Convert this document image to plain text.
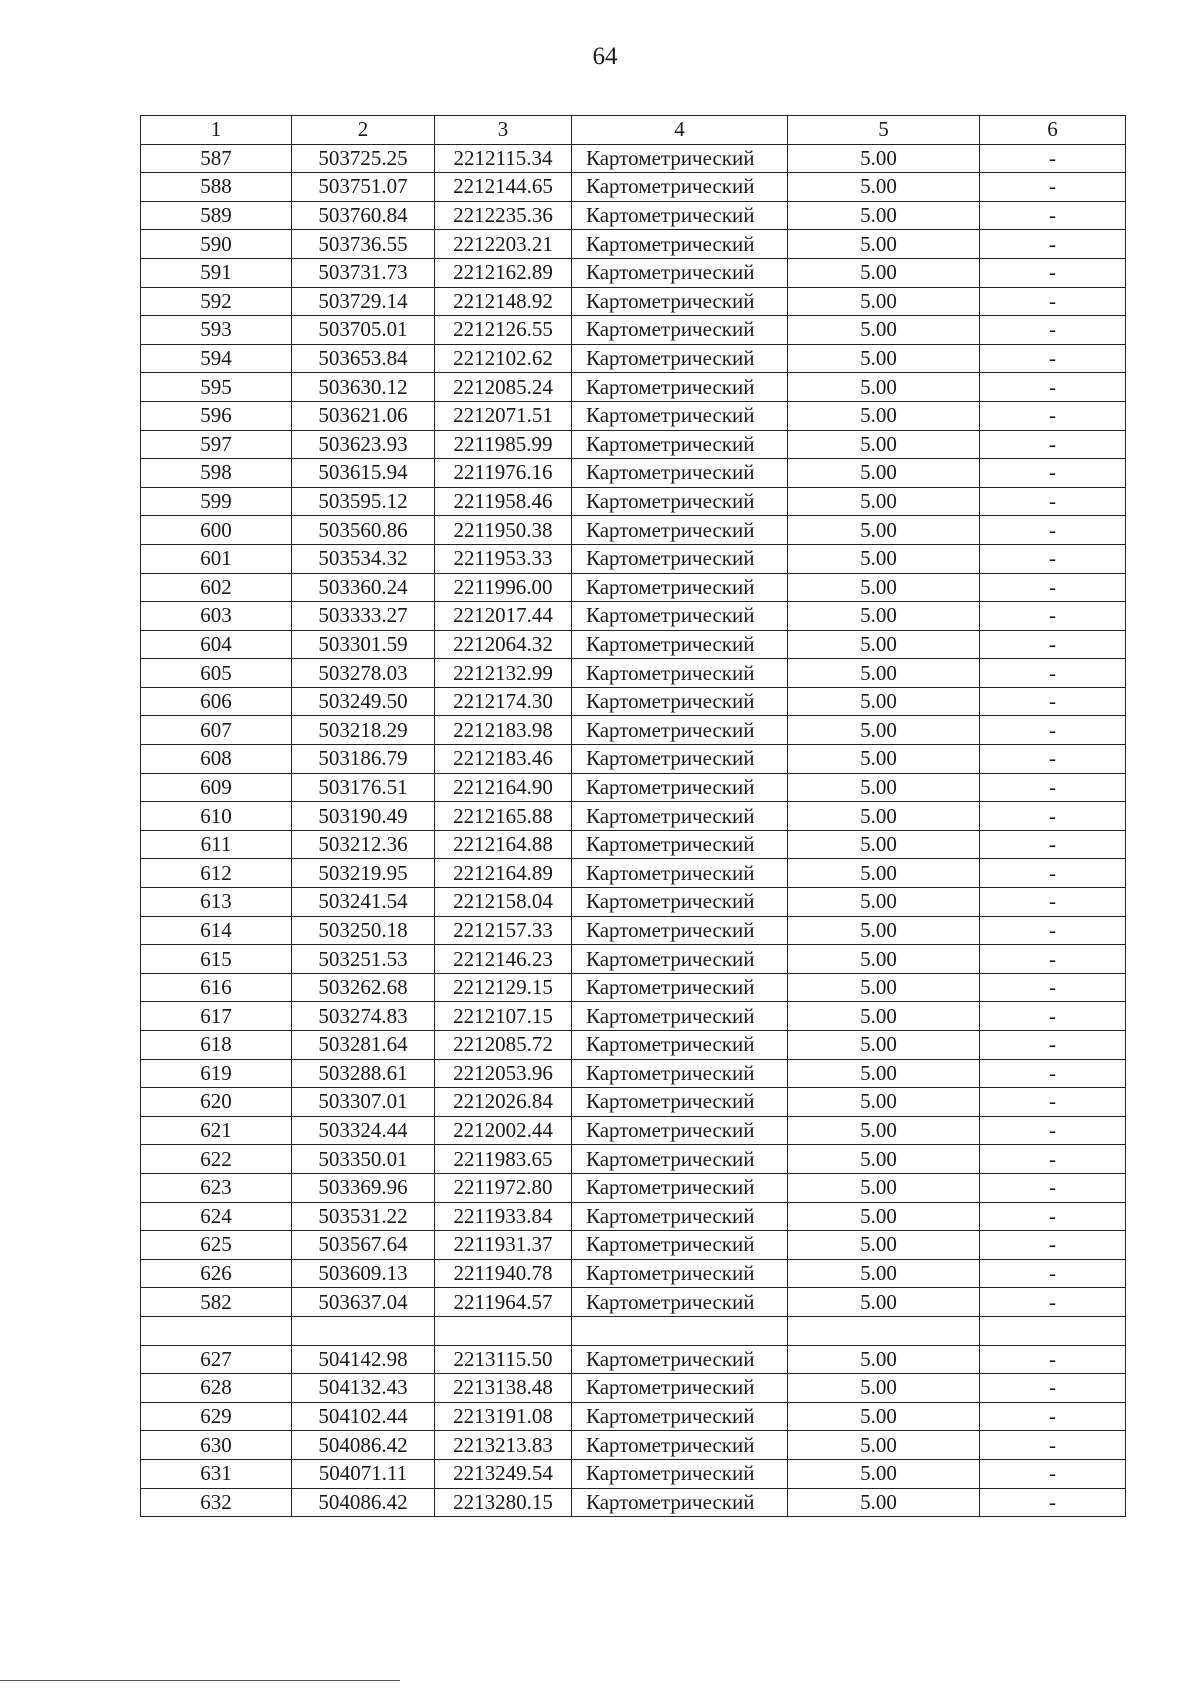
64
1	2	3	4	5	6
587	503725.25	2212115.34	Картометрический	5.00	-
588	503751.07	2212144.65	Картометрический	5.00	-
589	503760.84	2212235.36	Картометрический	5.00	-
590	503736.55	2212203.21	Картометрический	5.00	-
591	503731.73	2212162.89	Картометрический	5.00	-
592	503729.14	2212148.92	Картометрический	5.00	-
593	503705.01	2212126.55	Картометрический	5.00	-
594	503653.84	2212102.62	Картометрический	5.00	-
595	503630.12	2212085.24	Картометрический	5.00	-
596	503621.06	2212071.51	Картометрический	5.00	-
597	503623.93	2211985.99	Картометрический	5.00	-
598	503615.94	2211976.16	Картометрический	5.00	-
599	503595.12	2211958.46	Картометрический	5.00	-
600	503560.86	2211950.38	Картометрический	5.00	-
601	503534.32	2211953.33	Картометрический	5.00	-
602	503360.24	2211996.00	Картометрический	5.00	-
603	503333.27	2212017.44	Картометрический	5.00	-
604	503301.59	2212064.32	Картометрический	5.00	-
605	503278.03	2212132.99	Картометрический	5.00	-
606	503249.50	2212174.30	Картометрический	5.00	-
607	503218.29	2212183.98	Картометрический	5.00	-
608	503186.79	2212183.46	Картометрический	5.00	-
609	503176.51	2212164.90	Картометрический	5.00	-
610	503190.49	2212165.88	Картометрический	5.00	-
611	503212.36	2212164.88	Картометрический	5.00	-
612	503219.95	2212164.89	Картометрический	5.00	-
613	503241.54	2212158.04	Картометрический	5.00	-
614	503250.18	2212157.33	Картометрический	5.00	-
615	503251.53	2212146.23	Картометрический	5.00	-
616	503262.68	2212129.15	Картометрический	5.00	-
617	503274.83	2212107.15	Картометрический	5.00	-
618	503281.64	2212085.72	Картометрический	5.00	-
619	503288.61	2212053.96	Картометрический	5.00	-
620	503307.01	2212026.84	Картометрический	5.00	-
621	503324.44	2212002.44	Картометрический	5.00	-
622	503350.01	2211983.65	Картометрический	5.00	-
623	503369.96	2211972.80	Картометрический	5.00	-
624	503531.22	2211933.84	Картометрический	5.00	-
625	503567.64	2211931.37	Картометрический	5.00	-
626	503609.13	2211940.78	Картометрический	5.00	-
582	503637.04	2211964.57	Картометрический	5.00	-

627	504142.98	2213115.50	Картометрический	5.00	-
628	504132.43	2213138.48	Картометрический	5.00	-
629	504102.44	2213191.08	Картометрический	5.00	-
630	504086.42	2213213.83	Картометрический	5.00	-
631	504071.11	2213249.54	Картометрический	5.00	-
632	504086.42	2213280.15	Картометрический	5.00	-
